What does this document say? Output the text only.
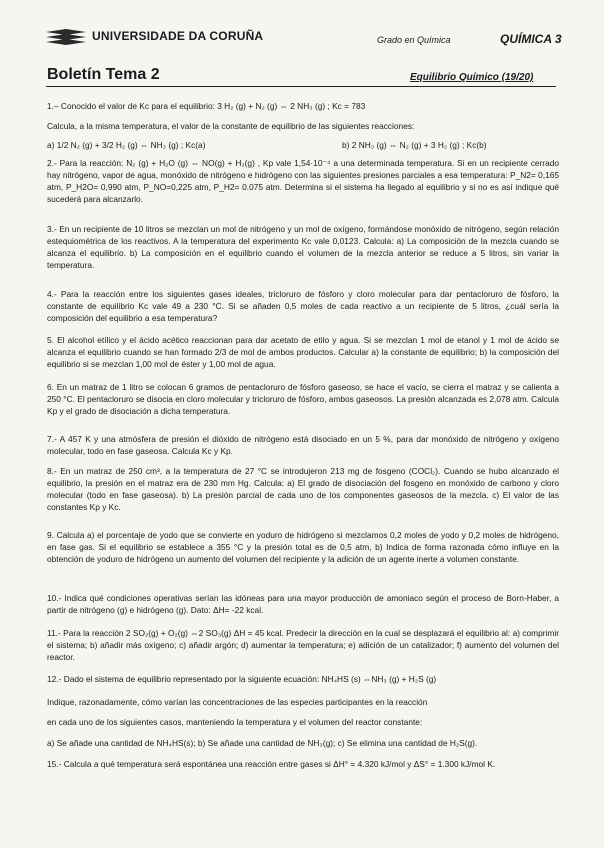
UNIVERSIDADE DA CORUÑA	Grado en Química	QUÍMICA 3
Boletín Tema 2	Equilibrio Químico (19/20)
1.– Conocido el valor de Kc para el equilibrio: 3 H₂ (g) + N₂ (g) ⇔ 2 NH₃ (g) ; Kc = 783
Calcula, a la misma temperatura, el valor de la constante de equilibrio de las siguientes reacciones:
a) 1/2 N₂ (g) + 3/2 H₂ (g) ⇔ NH₃ (g) ; Kc(a)	b) 2 NH₃ (g) ⇔ N₂ (g) + 3 H₂ (g) ; Kc(b)
2.- Para la reacción: N₂ (g) + H₂O (g) ⇔ NO(g) + H₂(g) , Kp vale 1,54·10⁻⁴ a una determinada temperatura. Si en un recipiente cerrado hay nitrógeno, vapor de agua, monóxido de nitrógeno e hidrógeno con las siguientes presiones parciales a esa temperatura: P_N2= 0,165 atm, P_H2O= 0,990 atm, P_NO=0,225 atm, P_H2= 0.075 atm. Determina si el sistema ha llegado al equilibrio y si no es así indique qué sucederá para alcanzarlo.
3.- En un recipiente de 10 litros se mezclan un mol de nitrógeno y un mol de oxígeno, formándose monóxido de nitrógeno, según relación estequiométrica de los reactivos. A la temperatura del experimento Kc vale 0,0123. Calcula: a) La composición de la mezcla cuando se alcanza el equilibrio. b) La composición en el equilibrio cuando el volumen de la mezcla anterior se reduce a 5 litros, sin variar la temperatura.
4.- Para la reacción entre los siguientes gases ideales, tricloruro de fósforo y cloro molecular para dar pentacloruro de fósforo, la constante de equilibrio Kc vale 49 a 230 °C. Si se añaden 0,5 moles de cada reactivo a un recipiente de 5 litros, ¿cuál sería la composición del equilibrio a esa temperatura?
5. El alcohol etílico y el ácido acético reaccionan para dar acetato de etilo y agua. Si se mezclan 1 mol de etanol y 1 mol de ácido se alcanza el equilibrio cuando se han formado 2/3 de mol de ambos productos. Calcular a) la constante de equilibrio; b) la composición del equilibrio si se mezclan 1,00 mol de éster y 1,00 mol de agua.
6. En un matraz de 1 litro se colocan 6 gramos de pentacloruro de fósforo gaseoso, se hace el vacío, se cierra el matraz y se calienta a 250 °C. El pentacloruro se disocia en cloro molecular y tricloruro de fósforo, ambos gaseosos. La presión alcanzada es 2,078 atm. Calcula Kp y el grado de disociación a dicha temperatura.
7.- A 457 K y una atmósfera de presión el dióxido de nitrógeno está disociado en un 5 %, para dar monóxido de nitrógeno y oxígeno molecular, todo en fase gaseosa. Calcula Kc y Kp.
8.- En un matraz de 250 cm³, a la temperatura de 27 °C se introdujeron 213 mg de fosgeno (COCl₂). Cuando se hubo alcanzado el equilibrio, la presión en el matraz era de 230 mm Hg. Calcula: a) El grado de disociación del fosgeno en monóxido de carbono y cloro molecular (todo en fase gaseosa). b) La presión parcial de cada uno de los componentes gaseosos de la mezcla. c) El valor de las constantes Kp y Kc.
9. Calcula a) el porcentaje de yodo que se convierte en yoduro de hidrógeno si mezclamos 0,2 moles de yodo y 0,2 moles de hidrógeno, en fase gas. Si el equilibrio se establece a 355 °C y la presión total es de 0,5 atm, b) Indica de forma razonada cómo influye en la obtención de yoduro de hidrógeno un aumento del volumen del recipiente y la adición de un agente inerte a volumen constante.
10.- Indica qué condiciones operativas serían las idóneas para una mayor producción de amoniaco según el proceso de Born-Haber, a partir de nitrógeno (g) e hidrógeno (g). Dato: ΔH= -22 kcal.
11.- Para la reacción 2 SO₂(g) + O₂(g) ⇔2 SO₃(g) ΔH = 45 kcal. Predecir la dirección en la cual se desplazará el equilibrio al: a) comprimir el sistema; b) añadir más oxígeno; c) añadir argón; d) aumentar la temperatura; e) adición de un catalizador; f) aumento del volumen del reactor.
12.- Dado el sistema de equilibrio representado por la siguiente ecuación: NH₄HS (s) ⇔NH₃ (g) + H₂S (g)
Indique, razonadamente, cómo varían las concentraciones de las especies participantes en la reacción
en cada uno de los siguientes casos, manteniendo la temperatura y el volumen del reactor constante:
a) Se añade una cantidad de NH₄HS(s); b) Se añade una cantidad de NH₃(g); c) Se elimina una cantidad de H₂S(g).
15.- Calcula a qué temperatura será espontánea una reacción entre gases si ΔH° = 4.320 kJ/mol y ΔS° = 1.300 kJ/mol K.
